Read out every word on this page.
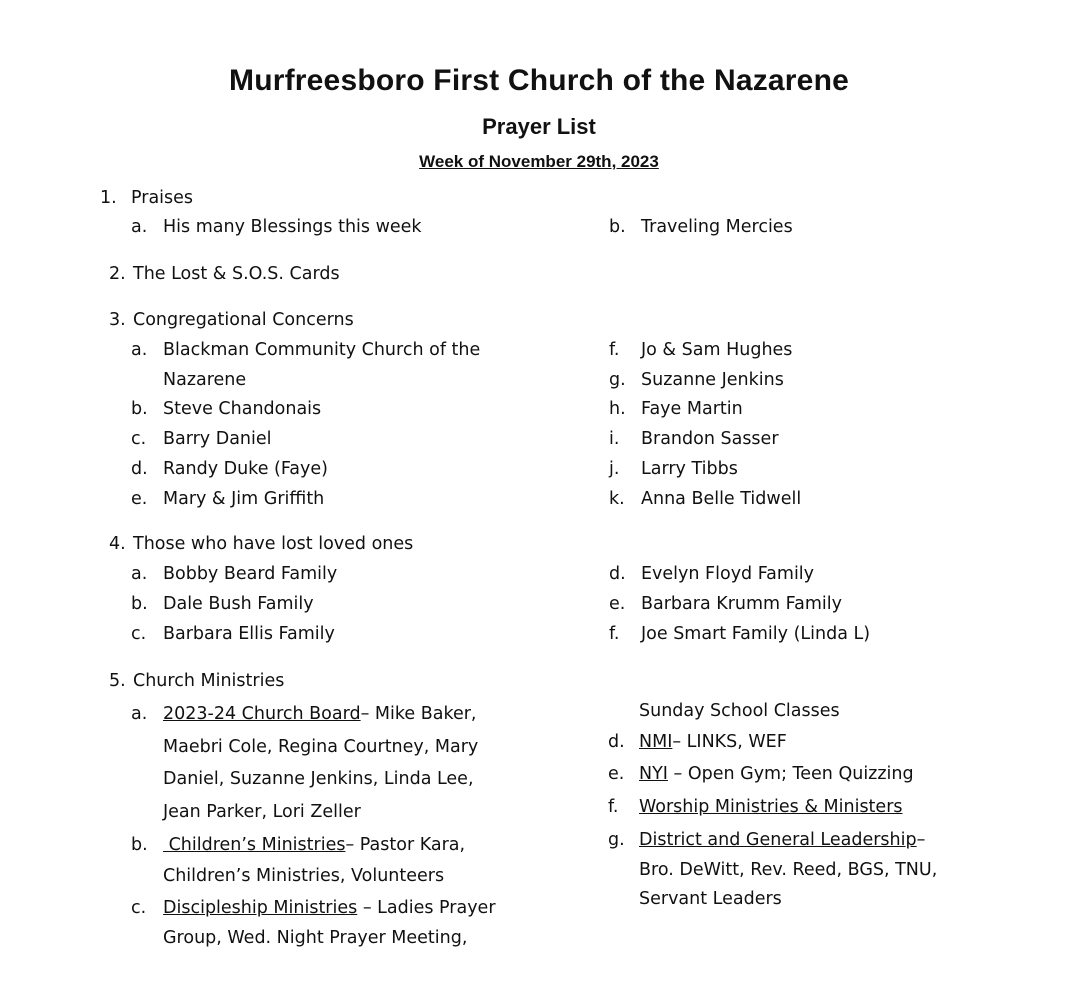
Murfreesboro First Church of the Nazarene
Prayer List
Week of November 29th, 2023
1. Praises
a. His many Blessings this week	b. Traveling Mercies
2. The Lost & S.O.S. Cards
3. Congregational Concerns
a. Blackman Community Church of the
Nazarene
b. Steve Chandonais
c. Barry Daniel
d. Randy Duke (Faye)
e. Mary & Jim Griffith
f. Jo & Sam Hughes
g. Suzanne Jenkins
h. Faye Martin
i. Brandon Sasser
j. Larry Tibbs
k. Anna Belle Tidwell
4. Those who have lost loved ones
a. Bobby Beard Family
b. Dale Bush Family
c. Barbara Ellis Family
d. Evelyn Floyd Family
e. Barbara Krumm Family
f. Joe Smart Family (Linda L)
5. Church Ministries
a. 2023-24 Church Board– Mike Baker,
Maebri Cole, Regina Courtney, Mary
Daniel, Suzanne Jenkins, Linda Lee,
Jean Parker, Lori Zeller
b. Children’s Ministries– Pastor Kara,
Children’s Ministries, Volunteers
c. Discipleship Ministries – Ladies Prayer
Group, Wed. Night Prayer Meeting,
Sunday School Classes
d. NMI– LINKS, WEF
e. NYI – Open Gym; Teen Quizzing
f. Worship Ministries & Ministers
g. District and General Leadership–
Bro. DeWitt, Rev. Reed, BGS, TNU,
Servant Leaders
